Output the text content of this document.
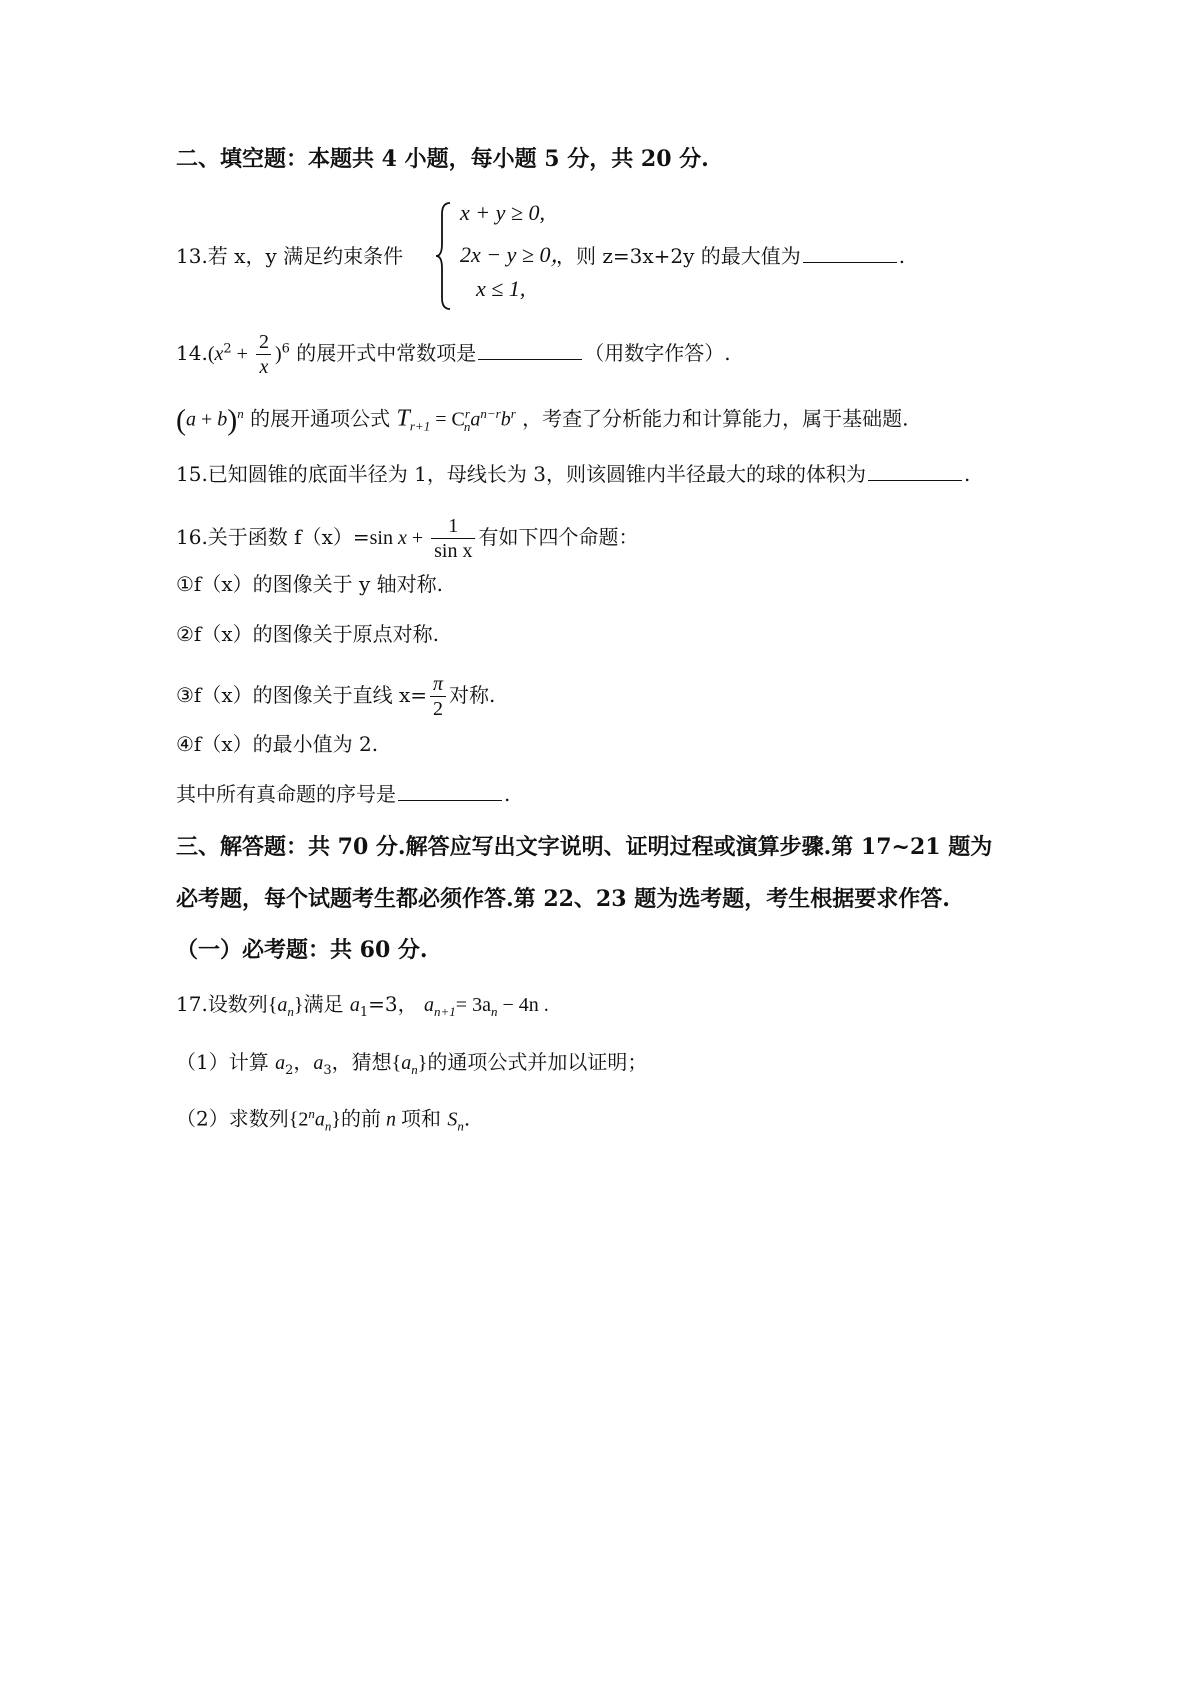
二、填空题：本题共 4 小题，每小题 5 分，共 20 分.
13.若 x，y 满足约束条件
x + y ≥ 0,
2x − y ≥ 0，
x ≤ 1,
，则 z=3x+2y 的最大值为	.
$14.(x^2 + \frac{2}{x} )^6$ 的展开式中常数项是	（用数字作答）.
$(a + b)^n$ 的展开通项公式 $T_{r+1} = C^r_na^{n-r}b^r$ ，考查了分析能力和计算能力，属于基础题.
15.已知圆锥的底面半径为 1，母线长为 3，则该圆锥内半径最大的球的体积为	.
16.关于函数 f（x）=sin $x + \frac{1}{\text{sin x}}$ 有如下四个命题：
①f（x）的图像关于 y 轴对称.
②f（x）的图像关于原点对称.
③f（x）的图像关于直线 $x= \frac{\pi}{2}$ 对称.
④f（x）的最小值为 2.
其中所有真命题的序号是	.
三、解答题：共 70 分.解答应写出文字说明、证明过程或演算步骤.第 17~21 题为
必考题，每个试题考生都必须作答.第 22、23 题为选考题，考生根据要求作答.
（一）必考题：共 60 分.
17.设数列$\{a_n\}$满足 $a_1=3$， $a_{n+1}= 3a_n - 4n$ .
（1）计算 $a_2$，$a_3$，猜想$\{a_n\}$的通项公式并加以证明；
（2）求数列$\{2^na_n\}$的前 n 项和 $S_n$.
